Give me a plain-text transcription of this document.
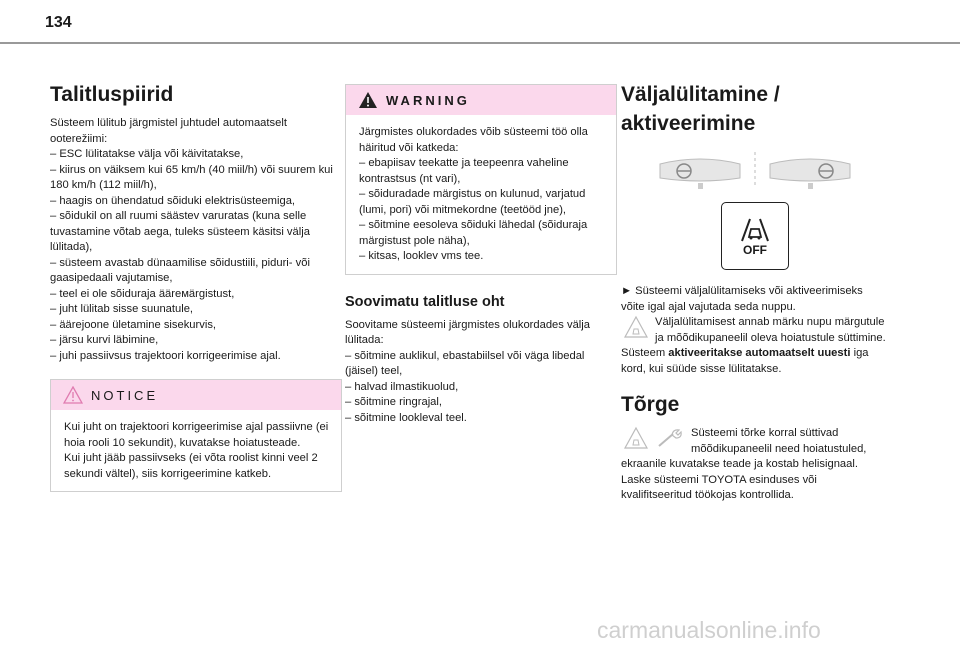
134
Talitluspiirid

Süsteem lülitub järgmistel juhtudel automaatselt ooterežiimi:

– ESC lülitatakse välja või käivitatakse,

– kiirus on väiksem kui 65 km/h (40 miil/h) või suurem kui 180 km/h (112 miil/h),

– haagis on ühendatud sõiduki elektrisüsteemiga,

– sõidukil on all ruumi säästev varuratas (kuna selle tuvastamine võtab aega, tuleks süsteem käsitsi välja lülitada),

– süsteem avastab dünaamilise sõidustiili, piduri- või gaasipedaali vajutamise,

– teel ei ole sõiduraja äärемärgistust,

– juht lülitab sisse suunatule,

– äärejoone ületamine sisekurvis,

– järsu kurvi läbimine,

– juhi passiivsus trajektoori korrigeerimise ajal.

NOTICE

Kui juht on trajektoori korrigeerimise ajal passiivne (ei hoia rooli 10 sekundit), kuvatakse hoiatusteade.

Kui juht jääb passiivseks (ei võta roolist kinni veel 2 sekundi vältel), siis korrigeerimine katkeb.

WARNING

Järgmistes olukordades võib süsteemi töö olla häiritud või katkeda:

– ebapiisav teekatte ja teepeenra vaheline kontrastsus (nt vari),

– sõiduradade märgistus on kulunud, varjatud (lumi, pori) või mitmekordne (teetööd jne),

– sõitmine eesoleva sõiduki lähedal (sõiduraja märgistust pole näha),

– kitsas, looklev vms tee.

Soovimatu talitluse oht

Soovitame süsteemi järgmistes olukordades välja lülitada:

– sõitmine auklikul, ebastabiilsel või väga libedal (jäisel) teel,

– halvad ilmastikuolud,

– sõitmine ringrajal,

– sõitmine lookleval teel.

Väljalülitamine /
aktiveerimine
OFF

► Süsteemi väljalülitamiseks või aktiveerimiseks võite igal ajal vajutada seda nuppu.

Väljalülitamisest annab märku nupu märgutule ja mõõdikupaneelil oleva hoiatustule süttimine.

Süsteem aktiveeritakse automaatselt uuesti iga kord, kui süüde sisse lülitatakse.

Tõrge

Süsteemi tõrke korral süttivad mõõdikupaneelil need hoiatustuled, ekraanile kuvatakse teade ja kostab helisignaal.

Laske süsteemi TOYOTA esinduses või kvalifitseeritud töökojas kontrollida.

carmanualsonline.info
